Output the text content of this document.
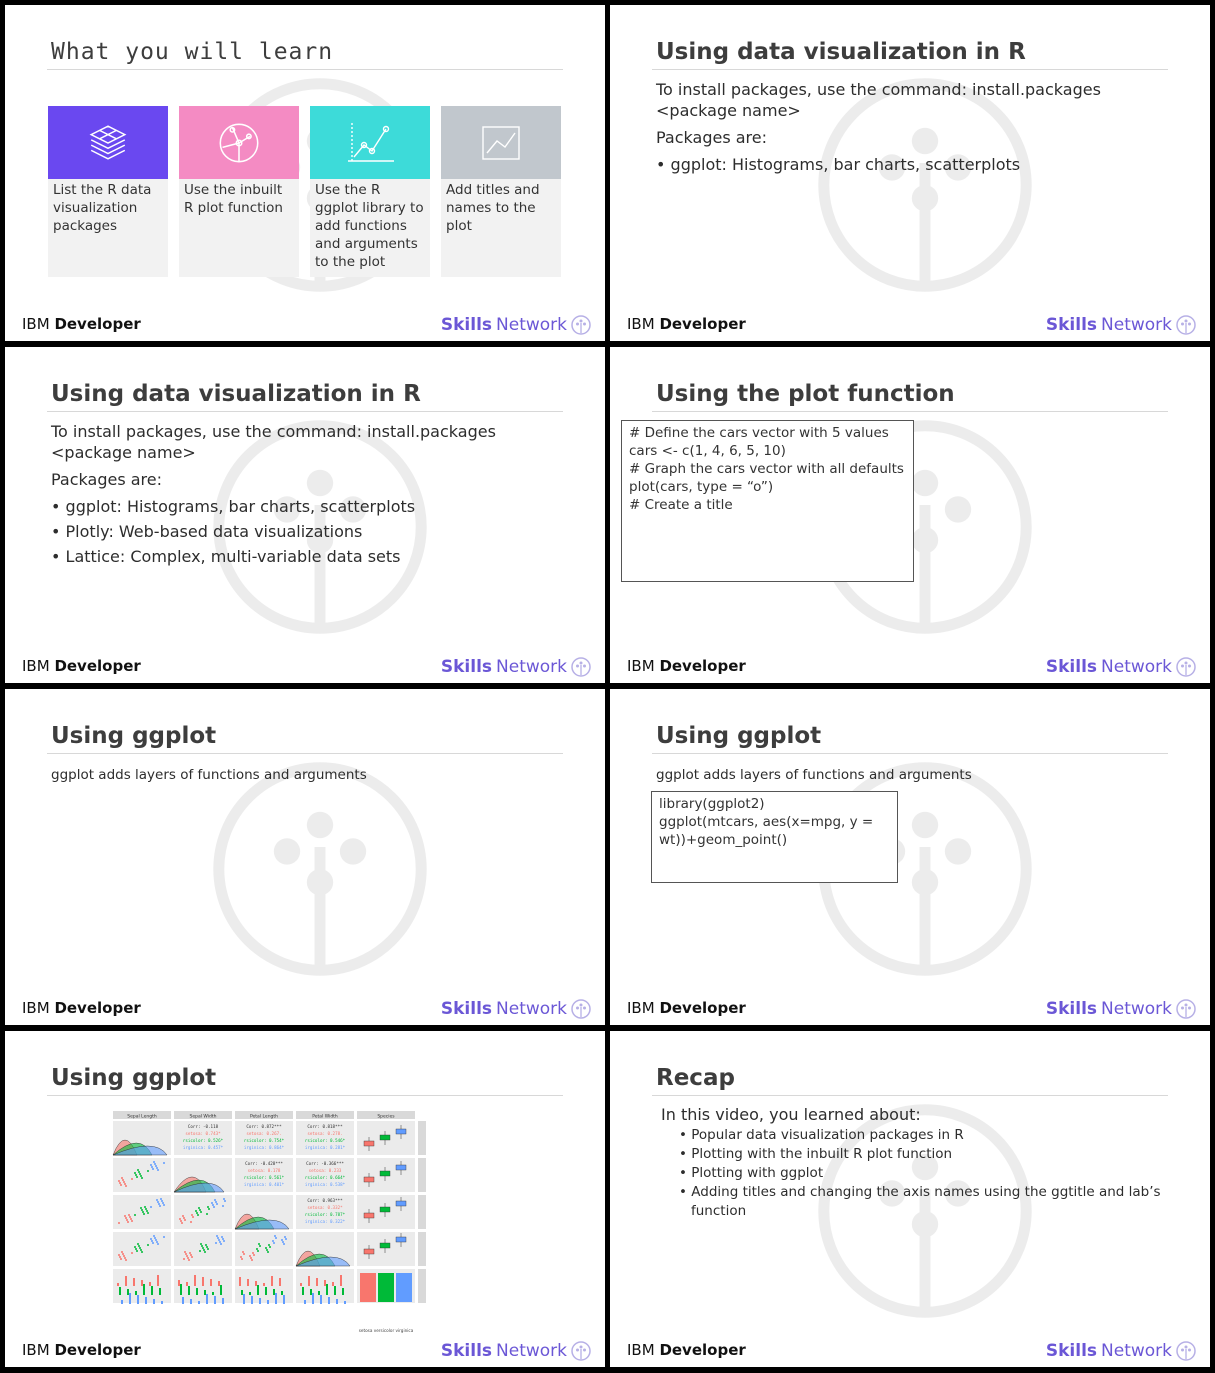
What you will learn
List the R data visualization packages
Use the inbuilt R plot function
Use the R ggplot library to add functions and arguments to the plot
Add titles and names to the plot
IBM Developer	Skills Network
Using data visualization in R

To install packages, use the command: install.packages <package name>

Packages are:

• ggplot: Histograms, bar charts, scatterplots
IBM Developer	Skills Network
Using data visualization in R

To install packages, use the command: install.packages <package name>

Packages are:

• ggplot: Histograms, bar charts, scatterplots
• Plotly: Web-based data visualizations
• Lattice: Complex, multi-variable data sets
IBM Developer	Skills Network
Using the plot function
# Define the cars vector with 5 values
cars <- c(1, 4, 6, 5, 10)
# Graph the cars vector with all defaults
plot(cars, type = “o”)
# Create a title
IBM Developer	Skills Network
Using ggplot
ggplot adds layers of functions and arguments
IBM Developer	Skills Network
Using ggplot
ggplot adds layers of functions and arguments
library(ggplot2)
ggplot(mtcars, aes(x=mpg, y =
wt))+geom_point()
IBM Developer	Skills Network
Using ggplot
Sepal Length	Sepal Width	Petal Length	Petal Width	Species
Corr: -0.118
setosa: 0.743*
rsicolor: 0.526*
irginica: 0.457*
Corr: 0.872***
setosa: 0.267.
rsicolor: 0.754*
irginica: 0.864*
Corr: 0.818***
setosa: 0.278.
rsicolor: 0.546*
irginica: 0.281*
Corr: -0.428***
setosa: 0.178
rsicolor: 0.561*
irginica: 0.401*
Corr: -0.366***
setosa: 0.233
rsicolor: 0.664*
irginica: 0.538*
Corr: 0.963***
setosa: 0.332*
rsicolor: 0.787*
irginica: 0.322*
setosa versicolor virginica
IBM Developer	Skills Network
Recap
In this video, you learned about:
• Popular data visualization packages in R
• Plotting with the inbuilt R plot function
• Plotting with ggplot
• Adding titles and changing the axis names using the ggtitle and lab’s function
IBM Developer	Skills Network
